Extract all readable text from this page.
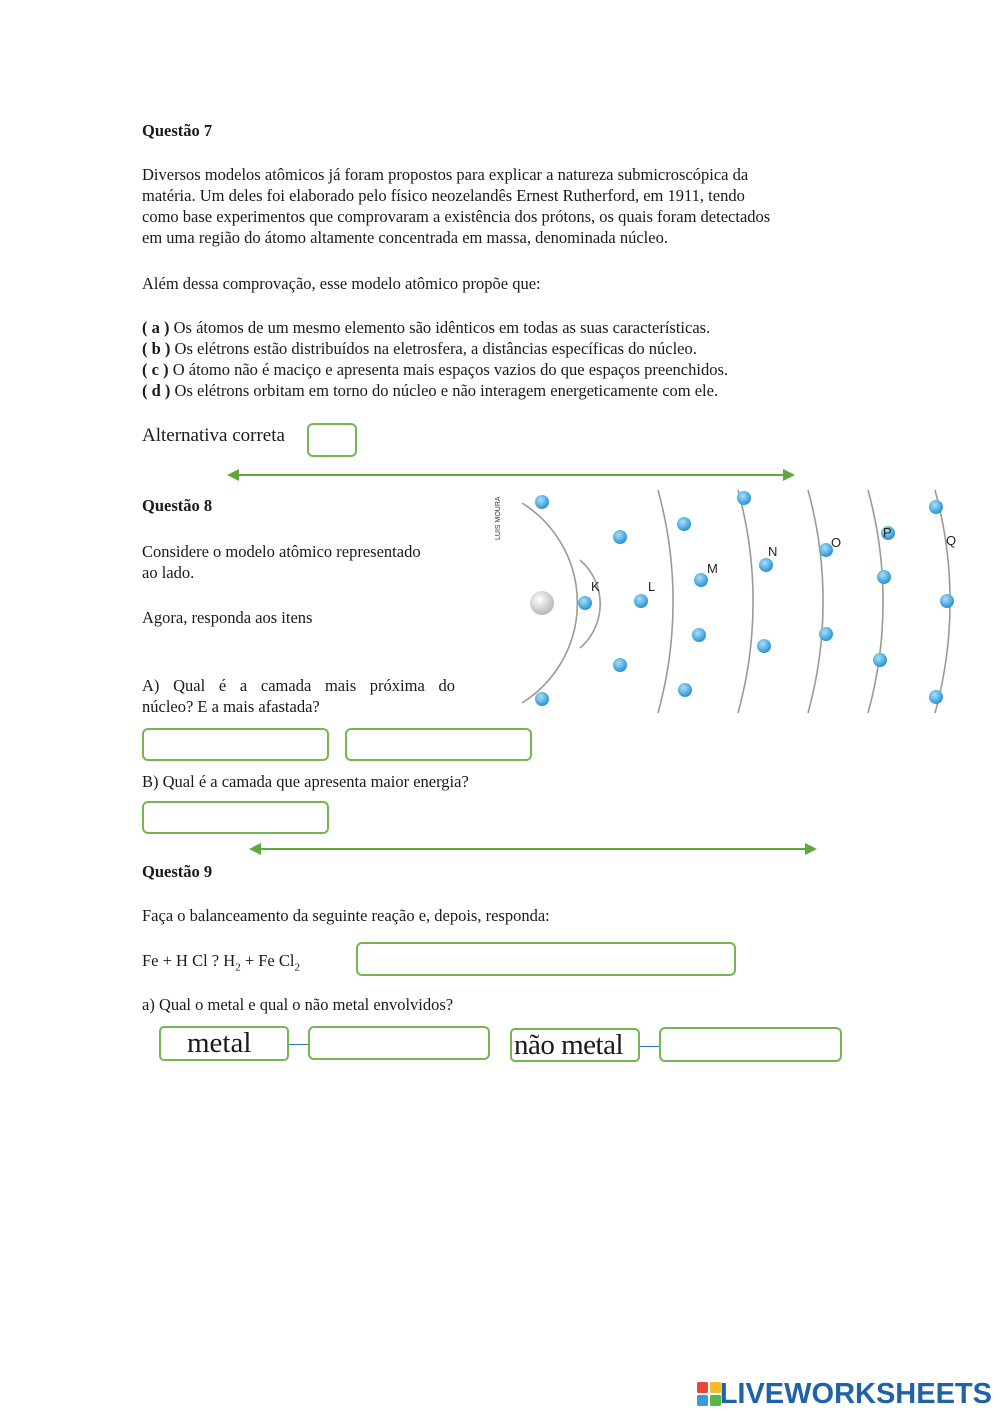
Questão 7
Diversos modelos atômicos já foram propostos para explicar a natureza submicroscópica da
matéria. Um deles foi elaborado pelo físico neozelandês Ernest Rutherford, em 1911, tendo
como base experimentos que comprovaram a existência dos prótons, os quais foram detectados
em uma região do átomo altamente concentrada em massa, denominada núcleo.
Além dessa comprovação, esse modelo atômico propõe que:
( a ) Os átomos de um mesmo elemento são idênticos em todas as suas características.
( b ) Os elétrons estão distribuídos na eletrosfera, a distâncias específicas do núcleo.
( c ) O átomo não é maciço e apresenta mais espaços vazios do que espaços preenchidos.
( d ) Os elétrons orbitam em torno do núcleo e não interagem energeticamente com ele.
Alternativa correta
Questão 8
Considere o modelo atômico representado
ao lado.
Agora, responda aos itens
A) Qual é a camada mais próxima do
núcleo? E a mais afastada?
B) Qual é a camada que apresenta maior energia?
LUIS MOURA
K	L
M
N
O
P
Q
Questão 9
Faça o balanceamento da seguinte reação e, depois, responda:
Fe + H Cl ? $H_2 + Fe$ $Cl_2$
a) Qual o metal e qual o não metal envolvidos?
metal	não metal
LIVEWORKSHEETS
